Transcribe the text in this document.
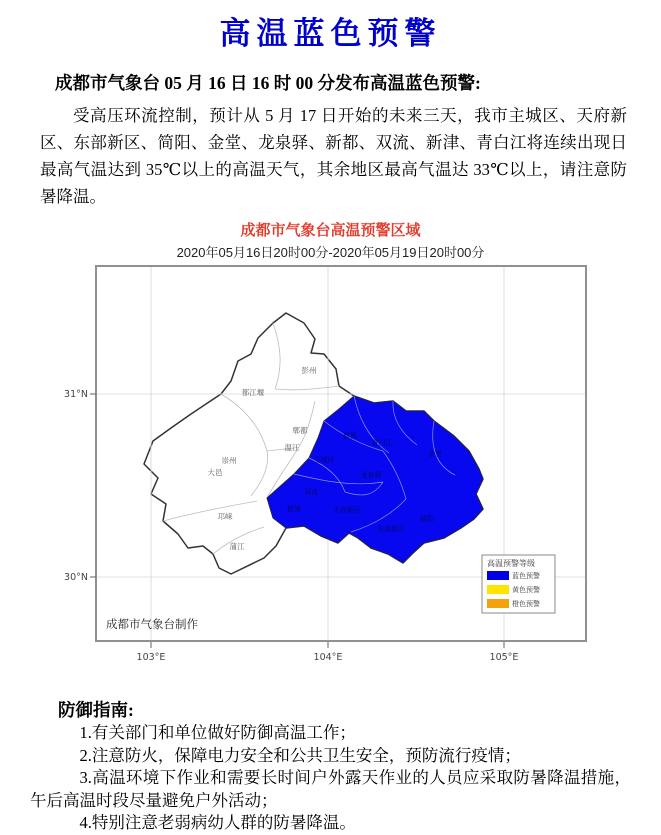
高温蓝色预警
成都市气象台 05 月 16 日 16 时 00 分发布高温蓝色预警:

受高压环流控制，预计从 5 月 17 日开始的未来三天，我市主城区、天府新区、东部新区、简阳、金堂、龙泉驿、新都、双流、新津、青白江将连续出现日最高气温达到 35℃以上的高温天气，其余地区最高气温达 33℃以上，请注意防暑降温。

成都市气象台高温预警区域

2020年05月16日20时00分-2020年05月19日20时00分

彭州
都江堰
郫都
温江
崇州
大邑
邛崃
蒲江
新都
青白江
金堂
主城区
龙泉驿
双流
新津	天府新区
简阳
东部新区
高温预警等级
蓝色预警
黄色预警
橙色预警
成都市气象台制作
31°N
30°N
103°E	104°E	105°E

防御指南:

1.有关部门和单位做好防御高温工作；

2.注意防火，保障电力安全和公共卫生安全，预防流行疫情；

3.高温环境下作业和需要长时间户外露天作业的人员应采取防暑降温措施，午后高温时段尽量避免户外活动；

4.特别注意老弱病幼人群的防暑降温。
